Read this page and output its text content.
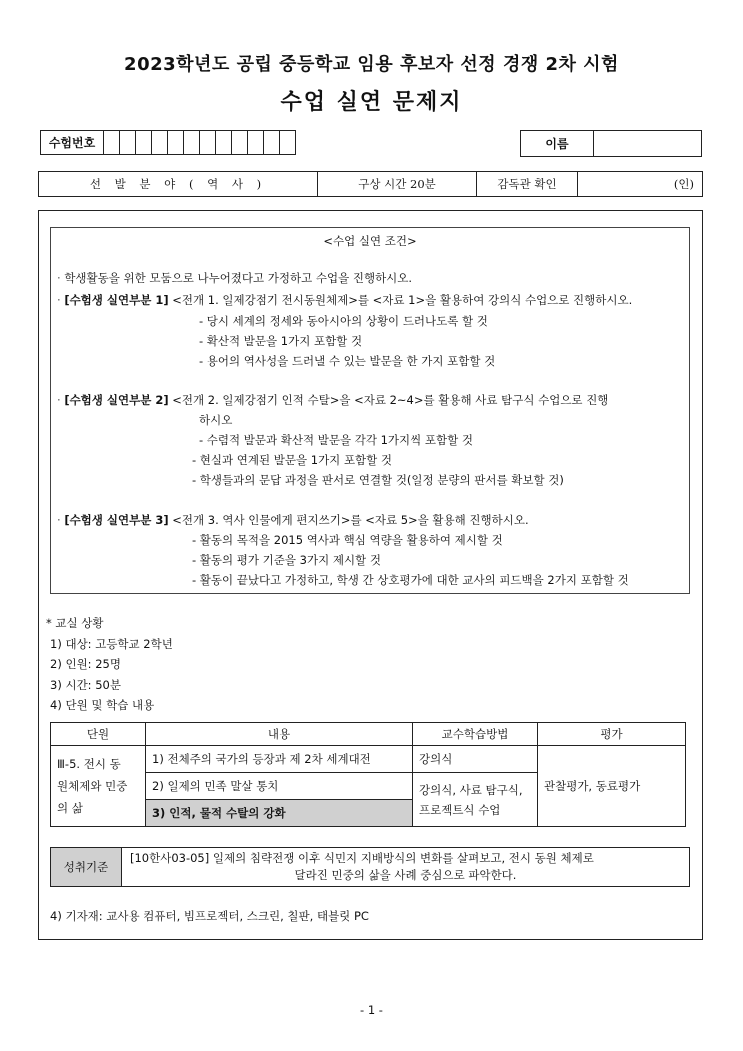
2023학년도 공립 중등학교 임용 후보자 선정 경쟁 2차 시험
수업 실연 문제지
수험번호	이름
선 발 분 야 ( 역 사 )	구상 시간 20분	감독관 확인	(인)
<수업 실연 조건>
· 학생활동을 위한 모둠으로 나누어졌다고 가정하고 수업을 진행하시오.
· [수험생 실연부분 1] <전개 1. 일제강점기 전시동원체제>를 <자료 1>을 활용하여 강의식 수업으로 진행하시오.
- 당시 세계의 정세와 동아시아의 상황이 드러나도록 할 것
- 확산적 발문을 1가지 포함할 것
- 용어의 역사성을 드러낼 수 있는 발문을 한 가지 포함할 것
· [수험생 실연부분 2] <전개 2. 일제강점기 인적 수탈>을 <자료 2~4>를 활용해 사료 탐구식 수업으로 진행
하시오
- 수렴적 발문과 확산적 발문을 각각 1가지씩 포함할 것
- 현실과 연계된 발문을 1가지 포함할 것
- 학생들과의 문답 과정을 판서로 연결할 것(일정 분량의 판서를 확보할 것)
· [수험생 실연부분 3] <전개 3. 역사 인물에게 편지쓰기>를 <자료 5>을 활용해 진행하시오.
- 활동의 목적을 2015 역사과 핵심 역량을 활용하여 제시할 것
- 활동의 평가 기준을 3가지 제시할 것
- 활동이 끝났다고 가정하고, 학생 간 상호평가에 대한 교사의 피드백을 2가지 포함할 것
* 교실 상황
1) 대상: 고등학교 2학년
2) 인원: 25명
3) 시간: 50분
4) 단원 및 학습 내용
단원	내용	교수학습방법	평가

Ⅲ-5. 전시 동
원체제와 민중
의 삶	1) 전체주의 국가의 등장과 제 2차 세계대전	강의식	관찰평가, 동료평가
	2) 일제의 민족 말살 통치	강의식, 사료 탐구식,
프로젝트식 수업	

	3) 인적, 물적 수탈의 강화		
성취기준
[10한사03-05] 일제의 침략전쟁 이후 식민지 지배방식의 변화를 살펴보고, 전시 동원 체제로
달라진 민중의 삶을 사례 중심으로 파악한다.
4) 기자재: 교사용 컴퓨터, 빔프로젝터, 스크린, 칠판, 태블릿 PC
- 1 -
